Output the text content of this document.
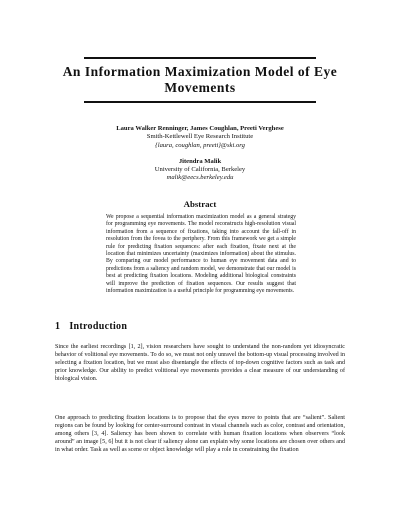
An Information Maximization Model of Eye Movements
Laura Walker Renninger, James Coughlan, Preeti Verghese
Smith-Kettlewell Eye Research Institute
{laura, coughlan, preeti}@ski.org
Jitendra Malik
University of California, Berkeley
malik@eecs.berkeley.edu
Abstract
We propose a sequential information maximization model as a general strategy for programming eye movements. The model reconstructs high-resolution visual information from a sequence of fixations, taking into account the fall-off in resolution from the fovea to the periphery. From this framework we get a simple rule for predicting fixation sequences: after each fixation, fixate next at the location that minimizes uncertainty (maximizes information) about the stimulus. By comparing our model performance to human eye movement data and to predictions from a saliency and random model, we demonstrate that our model is best at predicting fixation locations. Modeling additional biological constraints will improve the prediction of fixation sequences. Our results suggest that information maximization is a useful principle for programming eye movements.
1 Introduction
Since the earliest recordings [1, 2], vision researchers have sought to understand the non-random yet idiosyncratic behavior of volitional eye movements. To do so, we must not only unravel the bottom-up visual processing involved in selecting a fixation location, but we must also disentangle the effects of top-down cognitive factors such as task and prior knowledge. Our ability to predict volitional eye movements provides a clear measure of our understanding of biological vision.
One approach to predicting fixation locations is to propose that the eyes move to points that are “salient”. Salient regions can be found by looking for center-surround contrast in visual channels such as color, contrast and orientation, among others [3, 4]. Saliency has been shown to correlate with human fixation locations when observers “look around” an image [5, 6] but it is not clear if saliency alone can explain why some locations are chosen over others and in what order. Task as well as scene or object knowledge will play a role in constraining the fixation
